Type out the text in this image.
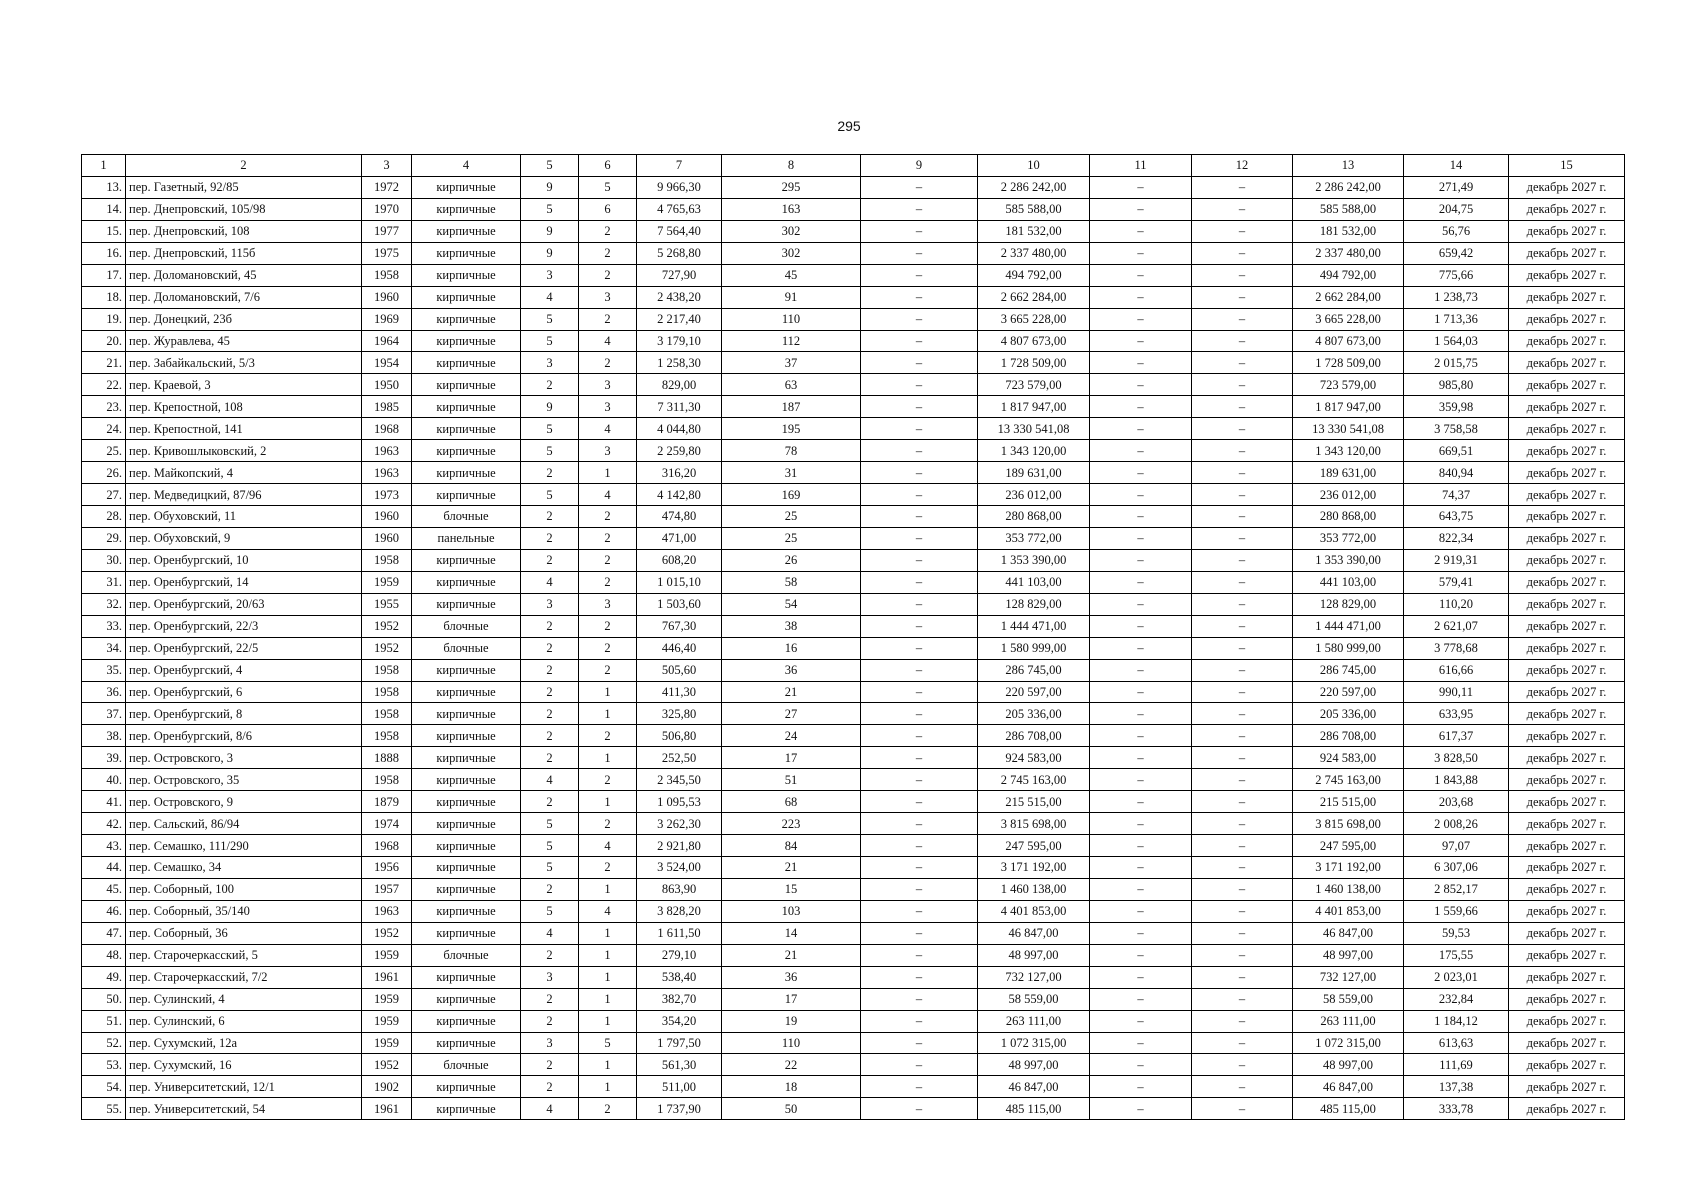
295
1	2	3	4	5	6	7	8	9	10	11	12	13	14	15
13.	пер. Газетный, 92/85	1972	кирпичные	9	5	9 966,30	295	–	2 286 242,00	–	–	2 286 242,00	271,49	декабрь 2027 г.
14.	пер. Днепровский, 105/98	1970	кирпичные	5	6	4 765,63	163	–	585 588,00	–	–	585 588,00	204,75	декабрь 2027 г.
15.	пер. Днепровский, 108	1977	кирпичные	9	2	7 564,40	302	–	181 532,00	–	–	181 532,00	56,76	декабрь 2027 г.
16.	пер. Днепровский, 115б	1975	кирпичные	9	2	5 268,80	302	–	2 337 480,00	–	–	2 337 480,00	659,42	декабрь 2027 г.
17.	пер. Доломановский, 45	1958	кирпичные	3	2	727,90	45	–	494 792,00	–	–	494 792,00	775,66	декабрь 2027 г.
18.	пер. Доломановский, 7/6	1960	кирпичные	4	3	2 438,20	91	–	2 662 284,00	–	–	2 662 284,00	1 238,73	декабрь 2027 г.
19.	пер. Донецкий, 23б	1969	кирпичные	5	2	2 217,40	110	–	3 665 228,00	–	–	3 665 228,00	1 713,36	декабрь 2027 г.
20.	пер. Журавлева, 45	1964	кирпичные	5	4	3 179,10	112	–	4 807 673,00	–	–	4 807 673,00	1 564,03	декабрь 2027 г.
21.	пер. Забайкальский, 5/3	1954	кирпичные	3	2	1 258,30	37	–	1 728 509,00	–	–	1 728 509,00	2 015,75	декабрь 2027 г.
22.	пер. Краевой, 3	1950	кирпичные	2	3	829,00	63	–	723 579,00	–	–	723 579,00	985,80	декабрь 2027 г.
23.	пер. Крепостной, 108	1985	кирпичные	9	3	7 311,30	187	–	1 817 947,00	–	–	1 817 947,00	359,98	декабрь 2027 г.
24.	пер. Крепостной, 141	1968	кирпичные	5	4	4 044,80	195	–	13 330 541,08	–	–	13 330 541,08	3 758,58	декабрь 2027 г.
25.	пер. Кривошлыковский, 2	1963	кирпичные	5	3	2 259,80	78	–	1 343 120,00	–	–	1 343 120,00	669,51	декабрь 2027 г.
26.	пер. Майкопский, 4	1963	кирпичные	2	1	316,20	31	–	189 631,00	–	–	189 631,00	840,94	декабрь 2027 г.
27.	пер. Медведицкий, 87/96	1973	кирпичные	5	4	4 142,80	169	–	236 012,00	–	–	236 012,00	74,37	декабрь 2027 г.
28.	пер. Обуховский, 11	1960	блочные	2	2	474,80	25	–	280 868,00	–	–	280 868,00	643,75	декабрь 2027 г.
29.	пер. Обуховский, 9	1960	панельные	2	2	471,00	25	–	353 772,00	–	–	353 772,00	822,34	декабрь 2027 г.
30.	пер. Оренбургский, 10	1958	кирпичные	2	2	608,20	26	–	1 353 390,00	–	–	1 353 390,00	2 919,31	декабрь 2027 г.
31.	пер. Оренбургский, 14	1959	кирпичные	4	2	1 015,10	58	–	441 103,00	–	–	441 103,00	579,41	декабрь 2027 г.
32.	пер. Оренбургский, 20/63	1955	кирпичные	3	3	1 503,60	54	–	128 829,00	–	–	128 829,00	110,20	декабрь 2027 г.
33.	пер. Оренбургский, 22/3	1952	блочные	2	2	767,30	38	–	1 444 471,00	–	–	1 444 471,00	2 621,07	декабрь 2027 г.
34.	пер. Оренбургский, 22/5	1952	блочные	2	2	446,40	16	–	1 580 999,00	–	–	1 580 999,00	3 778,68	декабрь 2027 г.
35.	пер. Оренбургский, 4	1958	кирпичные	2	2	505,60	36	–	286 745,00	–	–	286 745,00	616,66	декабрь 2027 г.
36.	пер. Оренбургский, 6	1958	кирпичные	2	1	411,30	21	–	220 597,00	–	–	220 597,00	990,11	декабрь 2027 г.
37.	пер. Оренбургский, 8	1958	кирпичные	2	1	325,80	27	–	205 336,00	–	–	205 336,00	633,95	декабрь 2027 г.
38.	пер. Оренбургский, 8/6	1958	кирпичные	2	2	506,80	24	–	286 708,00	–	–	286 708,00	617,37	декабрь 2027 г.
39.	пер. Островского, 3	1888	кирпичные	2	1	252,50	17	–	924 583,00	–	–	924 583,00	3 828,50	декабрь 2027 г.
40.	пер. Островского, 35	1958	кирпичные	4	2	2 345,50	51	–	2 745 163,00	–	–	2 745 163,00	1 843,88	декабрь 2027 г.
41.	пер. Островского, 9	1879	кирпичные	2	1	1 095,53	68	–	215 515,00	–	–	215 515,00	203,68	декабрь 2027 г.
42.	пер. Сальский, 86/94	1974	кирпичные	5	2	3 262,30	223	–	3 815 698,00	–	–	3 815 698,00	2 008,26	декабрь 2027 г.
43.	пер. Семашко, 111/290	1968	кирпичные	5	4	2 921,80	84	–	247 595,00	–	–	247 595,00	97,07	декабрь 2027 г.
44.	пер. Семашко, 34	1956	кирпичные	5	2	3 524,00	21	–	3 171 192,00	–	–	3 171 192,00	6 307,06	декабрь 2027 г.
45.	пер. Соборный, 100	1957	кирпичные	2	1	863,90	15	–	1 460 138,00	–	–	1 460 138,00	2 852,17	декабрь 2027 г.
46.	пер. Соборный, 35/140	1963	кирпичные	5	4	3 828,20	103	–	4 401 853,00	–	–	4 401 853,00	1 559,66	декабрь 2027 г.
47.	пер. Соборный, 36	1952	кирпичные	4	1	1 611,50	14	–	46 847,00	–	–	46 847,00	59,53	декабрь 2027 г.
48.	пер. Старочеркасский, 5	1959	блочные	2	1	279,10	21	–	48 997,00	–	–	48 997,00	175,55	декабрь 2027 г.
49.	пер. Старочеркасский, 7/2	1961	кирпичные	3	1	538,40	36	–	732 127,00	–	–	732 127,00	2 023,01	декабрь 2027 г.
50.	пер. Сулинский, 4	1959	кирпичные	2	1	382,70	17	–	58 559,00	–	–	58 559,00	232,84	декабрь 2027 г.
51.	пер. Сулинский, 6	1959	кирпичные	2	1	354,20	19	–	263 111,00	–	–	263 111,00	1 184,12	декабрь 2027 г.
52.	пер. Сухумский, 12а	1959	кирпичные	3	5	1 797,50	110	–	1 072 315,00	–	–	1 072 315,00	613,63	декабрь 2027 г.
53.	пер. Сухумский, 16	1952	блочные	2	1	561,30	22	–	48 997,00	–	–	48 997,00	111,69	декабрь 2027 г.
54.	пер. Университетский, 12/1	1902	кирпичные	2	1	511,00	18	–	46 847,00	–	–	46 847,00	137,38	декабрь 2027 г.
55.	пер. Университетский, 54	1961	кирпичные	4	2	1 737,90	50	–	485 115,00	–	–	485 115,00	333,78	декабрь 2027 г.
